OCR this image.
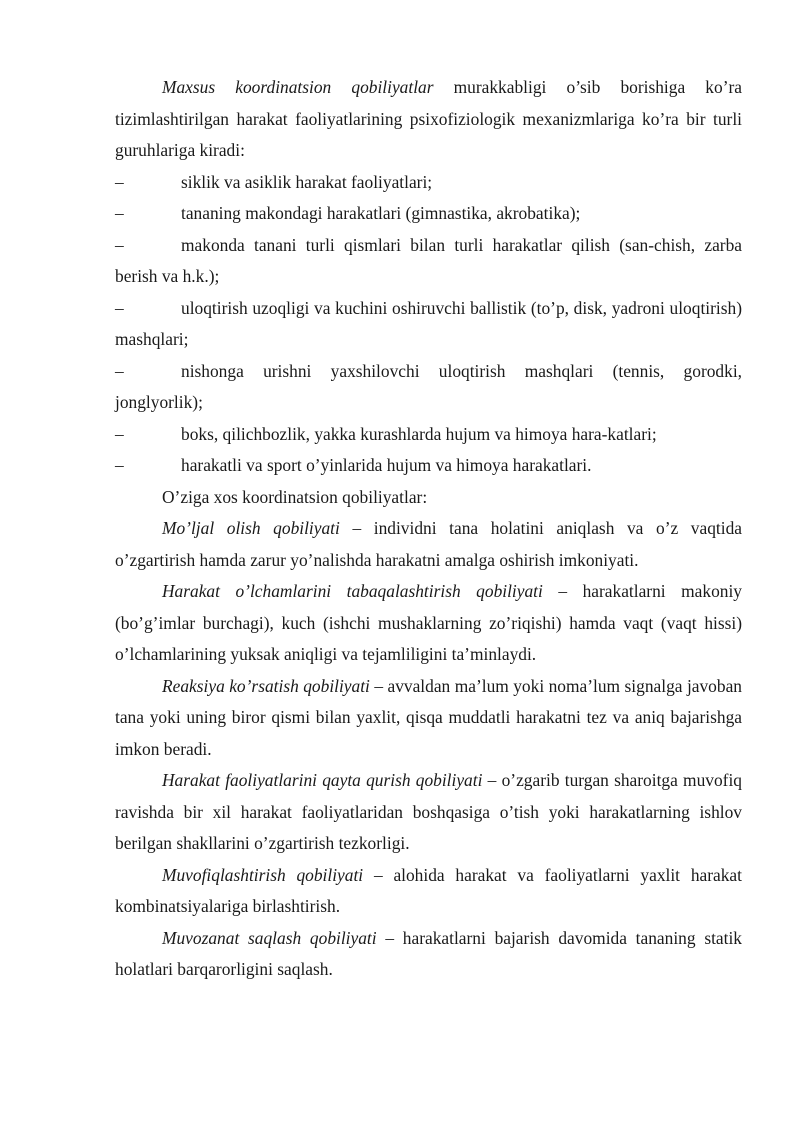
Maxsus koordinatsion qobiliyatlar murakkabligi o’sib borishiga ko’ra tizimlashtirilgan harakat faoliyatlarining psixofiziologik mexanizmlariga ko’ra bir turli guruhlariga kiradi:

–	siklik va asiklik harakat faoliyatlari;

–	tananing makondagi harakatlari (gimnastika, akrobatika);

–	makonda tanani turli qismlari bilan turli harakatlar qilish (san-chish, zarba berish va h.k.);

–	uloqtirish uzoqligi va kuchini oshiruvchi ballistik (to’p, disk, yadroni uloqtirish) mashqlari;

–	nishonga urishni yaxshilovchi uloqtirish mashqlari (tennis, gorodki, jonglyorlik);

–	boks, qilichbozlik, yakka kurashlarda hujum va himoya hara-katlari;

–	harakatli va sport o’yinlarida hujum va himoya harakatlari.

O’ziga xos koordinatsion qobiliyatlar:

Mo’ljal olish qobiliyati – individni tana holatini aniqlash va o’z vaqtida o’zgartirish hamda zarur yo’nalishda harakatni amalga oshirish imkoniyati.

Harakat o’lchamlarini tabaqalashtirish qobiliyati – harakatlarni makoniy (bo’g’imlar burchagi), kuch (ishchi mushaklarning zo’riqishi) hamda vaqt (vaqt hissi) o’lchamlarining yuksak aniqligi va tejamliligini ta’minlaydi.

Reaksiya ko’rsatish qobiliyati – avvaldan ma’lum yoki noma’lum signalga javoban tana yoki uning biror qismi bilan yaxlit, qisqa muddatli harakatni tez va aniq bajarishga imkon beradi.

Harakat faoliyatlarini qayta qurish qobiliyati – o’zgarib turgan sharoitga muvofiq ravishda bir xil harakat faoliyatlaridan boshqasiga o’tish yoki harakatlarning ishlov berilgan shakllarini o’zgartirish tezkorligi.

Muvofiqlashtirish qobiliyati – alohida harakat va faoliyatlarni yaxlit harakat kombinatsiyalariga birlashtirish.

Muvozanat saqlash qobiliyati – harakatlarni bajarish davomida tananing statik holatlari barqarorligini saqlash.
